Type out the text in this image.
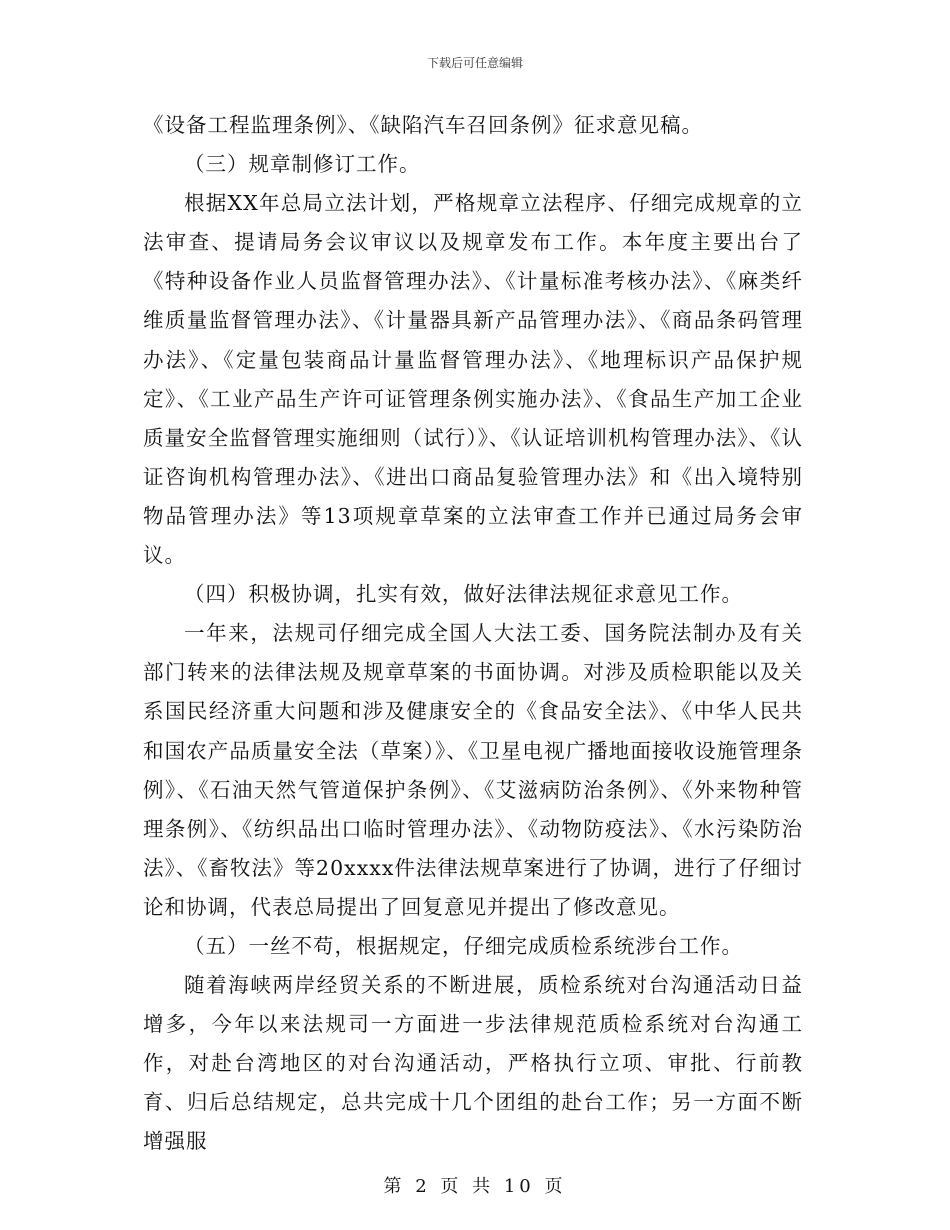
下载后可任意编辑

《设备工程监理条例》、《缺陷汽车召回条例》征求意见稿。

（三）规章制修订工作。

根据XX年总局立法计划，严格规章立法程序、仔细完成规章的立法审查、提请局务会议审议以及规章发布工作。本年度主要出台了《特种设备作业人员监督管理办法》、《计量标准考核办法》、《麻类纤维质量监督管理办法》、《计量器具新产品管理办法》、《商品条码管理办法》、《定量包装商品计量监督管理办法》、《地理标识产品保护规定》、《工业产品生产许可证管理条例实施办法》、《食品生产加工企业质量安全监督管理实施细则（试行）》、《认证培训机构管理办法》、《认证咨询机构管理办法》、《进出口商品复验管理办法》和《出入境特别物品管理办法》等13项规章草案的立法审查工作并已通过局务会审议。

（四）积极协调，扎实有效，做好法律法规征求意见工作。

一年来，法规司仔细完成全国人大法工委、国务院法制办及有关部门转来的法律法规及规章草案的书面协调。对涉及质检职能以及关系国民经济重大问题和涉及健康安全的《食品安全法》、《中华人民共和国农产品质量安全法（草案）》、《卫星电视广播地面接收设施管理条例》、《石油天然气管道保护条例》、《艾滋病防治条例》、《外来物种管理条例》、《纺织品出口临时管理办法》、《动物防疫法》、《水污染防治法》、《畜牧法》等20xxxx件法律法规草案进行了协调，进行了仔细讨论和协调，代表总局提出了回复意见并提出了修改意见。

（五）一丝不苟，根据规定，仔细完成质检系统涉台工作。

随着海峡两岸经贸关系的不断进展，质检系统对台沟通活动日益增多，今年以来法规司一方面进一步法律规范质检系统对台沟通工作，对赴台湾地区的对台沟通活动，严格执行立项、审批、行前教育、归后总结规定，总共完成十几个团组的赴台工作；另一方面不断增强服

第 2 页 共 10 页
